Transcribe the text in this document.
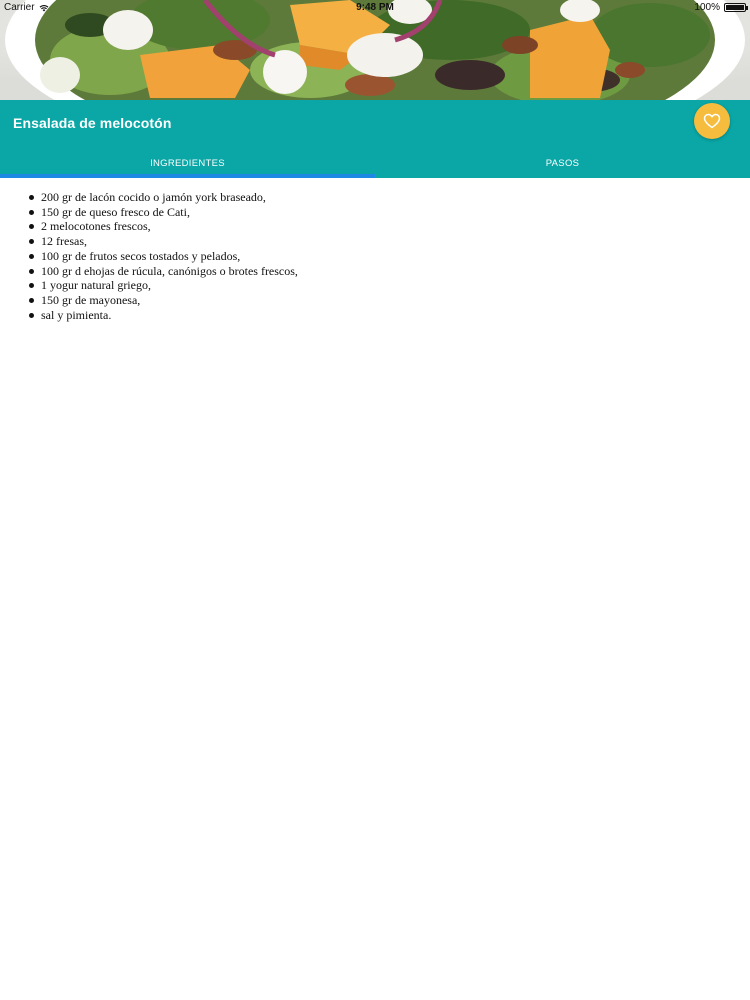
Carrier	9:48 PM	100%
Ensalada de melocotón
INGREDIENTES	PASOS
200 gr de lacón cocido o jamón york braseado,
150 gr de queso fresco de Cati,
2 melocotones frescos,
12 fresas,
100 gr de frutos secos tostados y pelados,
100 gr d ehojas de rúcula, canónigos o brotes frescos,
1 yogur natural griego,
150 gr de mayonesa,
sal y pimienta.
